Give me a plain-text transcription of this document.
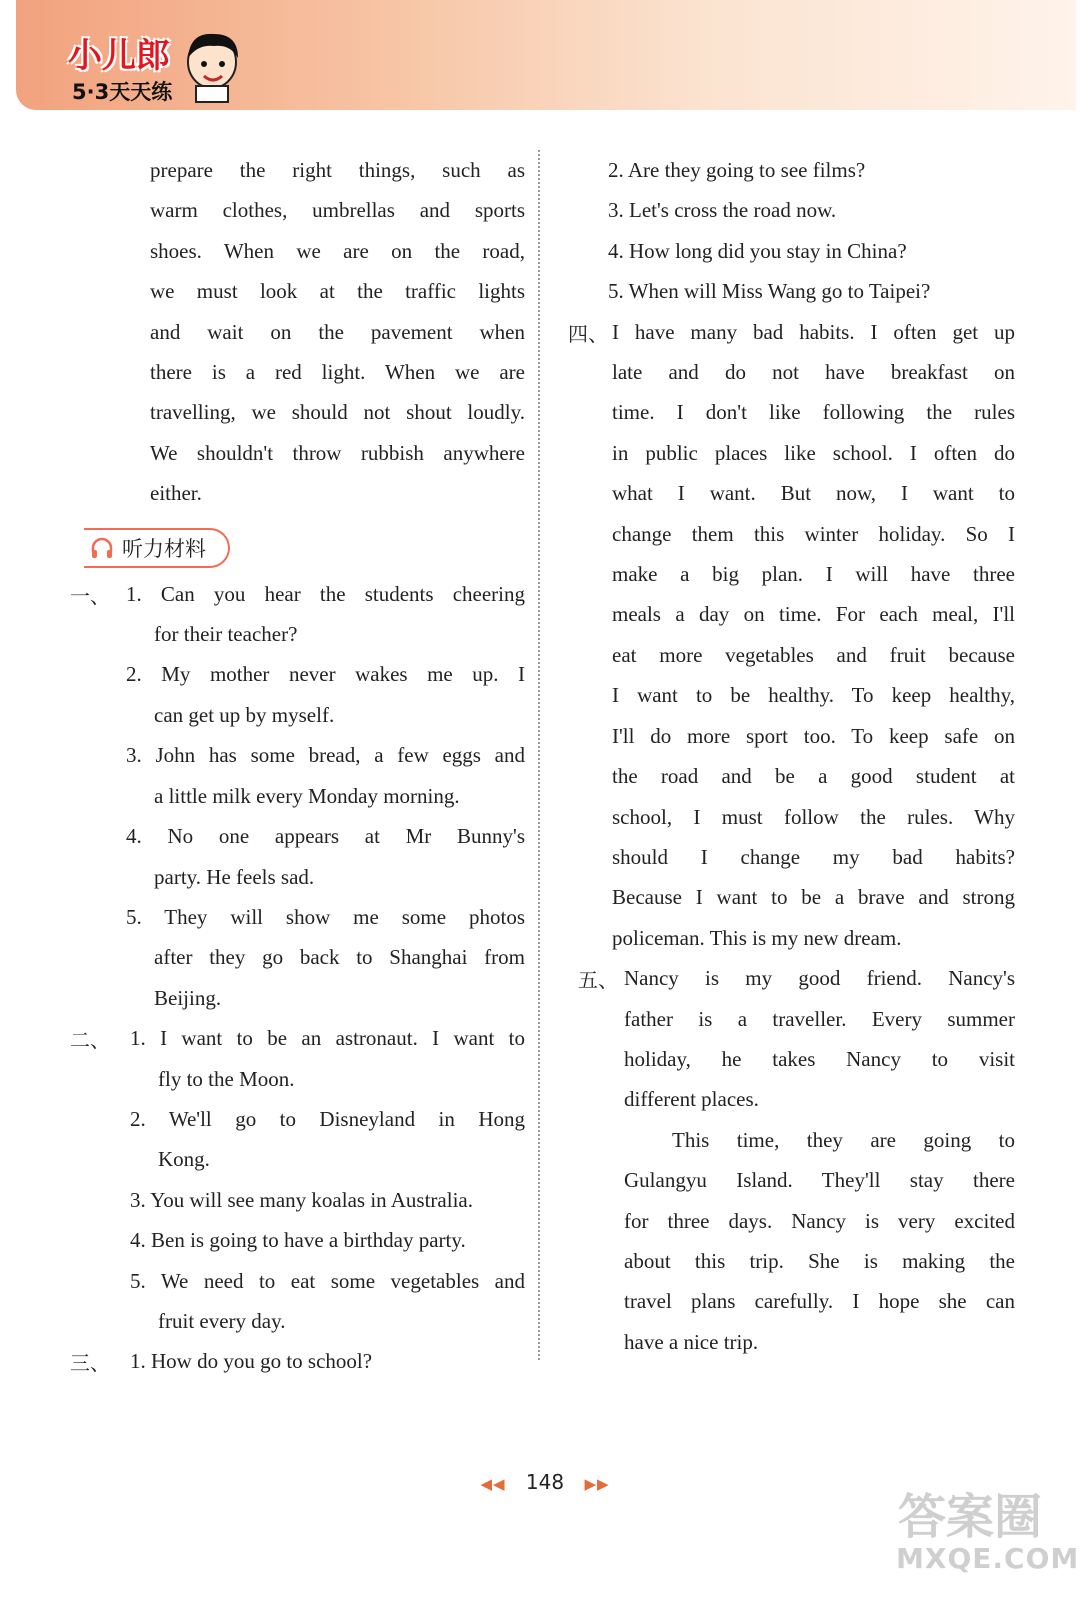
小儿郎
5·3天天练

prepare the right things, such as

warm clothes, umbrellas and sports

shoes. When we are on the road,

we must look at the traffic lights

and wait on the pavement when

there is a red light. When we are

travelling, we should not shout loudly.

We shouldn't throw rubbish anywhere

either.

听力材料
一、 1. Can you hear the students cheering

for their teacher?

2. My mother never wakes me up. I

can get up by myself.

3. John has some bread, a few eggs and

a little milk every Monday morning.

4. No one appears at Mr Bunny's

party. He feels sad.

5. They will show me some photos

after they go back to Shanghai from

Beijing.

二、 1. I want to be an astronaut. I want to

fly to the Moon.

2. We'll go to Disneyland in Hong

Kong.

3. You will see many koalas in Australia.

4. Ben is going to have a birthday party.

5. We need to eat some vegetables and

fruit every day.

三、 1. How do you go to school?

2. Are they going to see films?

3. Let's cross the road now.

4. How long did you stay in China?

5. When will Miss Wang go to Taipei?

四、 I have many bad habits. I often get up

late and do not have breakfast on

time. I don't like following the rules

in public places like school. I often do

what I want. But now, I want to

change them this winter holiday. So I

make a big plan. I will have three

meals a day on time. For each meal, I'll

eat more vegetables and fruit because

I want to be healthy. To keep healthy,

I'll do more sport too. To keep safe on

the road and be a good student at

school, I must follow the rules. Why

should I change my bad habits?

Because I want to be a brave and strong

policeman. This is my new dream.

五、 Nancy is my good friend. Nancy's

father is a traveller. Every summer

holiday, he takes Nancy to visit

different places.

This time, they are going to

Gulangyu Island. They'll stay there

for three days. Nancy is very excited

about this trip. She is making the

travel plans carefully. I hope she can

have a nice trip.

◀◀ 148 ▶▶
答案圈
MXQE.COM
